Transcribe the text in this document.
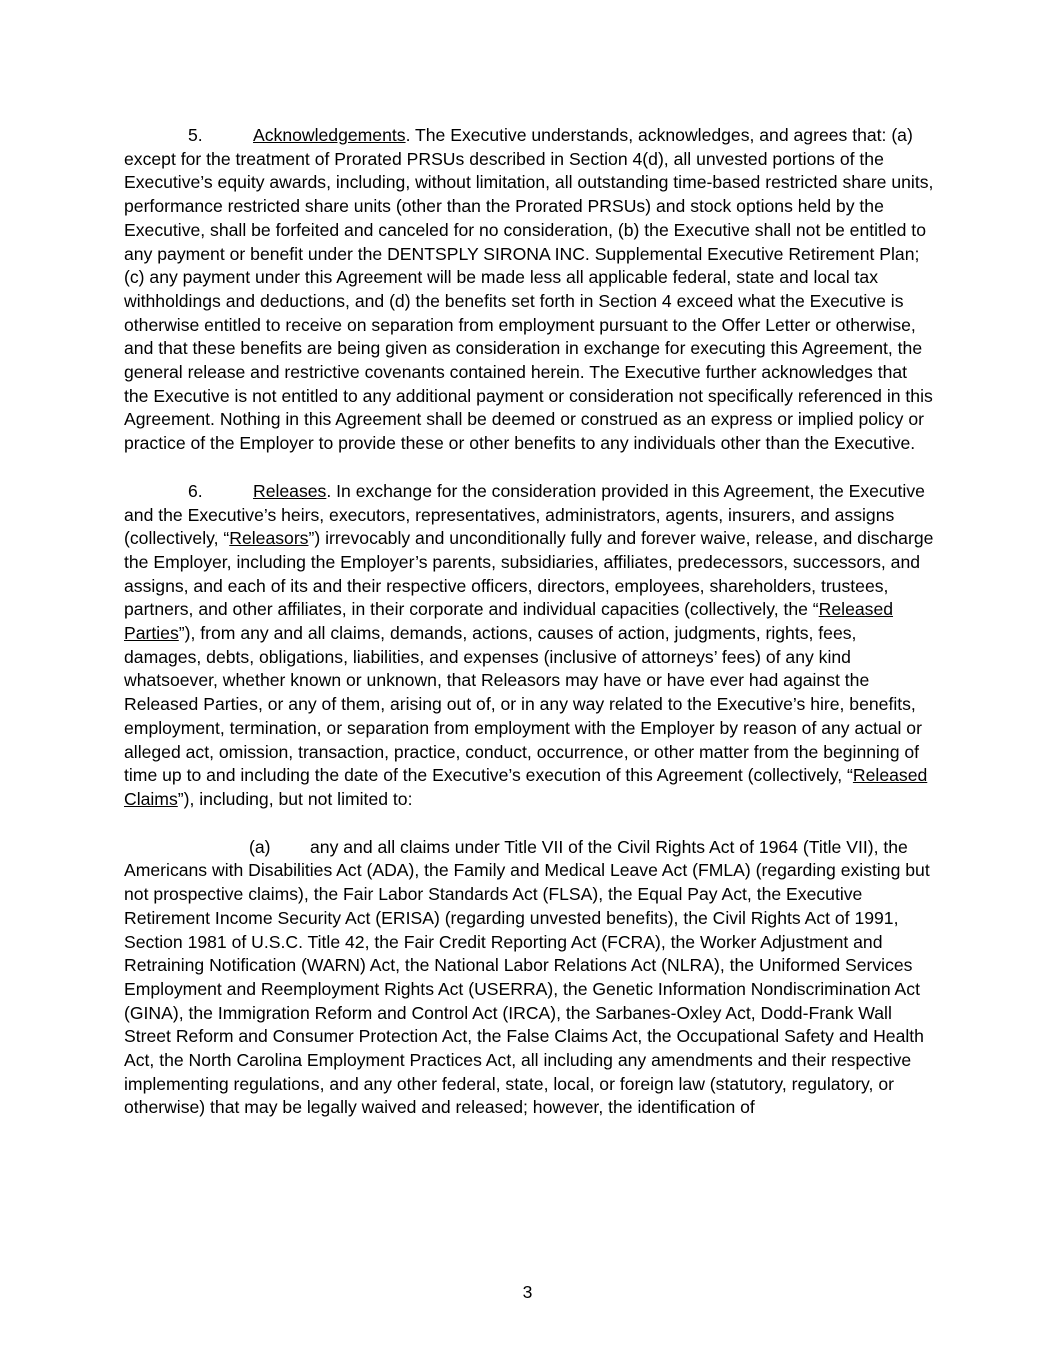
5.	Acknowledgements. The Executive understands, acknowledges, and agrees that: (a) except for the treatment of Prorated PRSUs described in Section 4(d), all unvested portions of the Executive’s equity awards, including, without limitation, all outstanding time-based restricted share units, performance restricted share units (other than the Prorated PRSUs) and stock options held by the Executive, shall be forfeited and canceled for no consideration, (b) the Executive shall not be entitled to any payment or benefit under the DENTSPLY SIRONA INC. Supplemental Executive Retirement Plan; (c) any payment under this Agreement will be made less all applicable federal, state and local tax withholdings and deductions, and (d) the benefits set forth in Section 4 exceed what the Executive is otherwise entitled to receive on separation from employment pursuant to the Offer Letter or otherwise, and that these benefits are being given as consideration in exchange for executing this Agreement, the general release and restrictive covenants contained herein. The Executive further acknowledges that the Executive is not entitled to any additional payment or consideration not specifically referenced in this Agreement. Nothing in this Agreement shall be deemed or construed as an express or implied policy or practice of the Employer to provide these or other benefits to any individuals other than the Executive.

6.	Releases. In exchange for the consideration provided in this Agreement, the Executive and the Executive’s heirs, executors, representatives, administrators, agents, insurers, and assigns (collectively, “Releasors”) irrevocably and unconditionally fully and forever waive, release, and discharge the Employer, including the Employer’s parents, subsidiaries, affiliates, predecessors, successors, and assigns, and each of its and their respective officers, directors, employees, shareholders, trustees, partners, and other affiliates, in their corporate and individual capacities (collectively, the “Released Parties”), from any and all claims, demands, actions, causes of action, judgments, rights, fees, damages, debts, obligations, liabilities, and expenses (inclusive of attorneys’ fees) of any kind whatsoever, whether known or unknown, that Releasors may have or have ever had against the Released Parties, or any of them, arising out of, or in any way related to the Executive’s hire, benefits, employment, termination, or separation from employment with the Employer by reason of any actual or alleged act, omission, transaction, practice, conduct, occurrence, or other matter from the beginning of time up to and including the date of the Executive’s execution of this Agreement (collectively, “Released Claims”), including, but not limited to:

(a) any and all claims under Title VII of the Civil Rights Act of 1964 (Title VII), the Americans with Disabilities Act (ADA), the Family and Medical Leave Act (FMLA) (regarding existing but not prospective claims), the Fair Labor Standards Act (FLSA), the Equal Pay Act, the Executive Retirement Income Security Act (ERISA) (regarding unvested benefits), the Civil Rights Act of 1991, Section 1981 of U.S.C. Title 42, the Fair Credit Reporting Act (FCRA), the Worker Adjustment and Retraining Notification (WARN) Act, the National Labor Relations Act (NLRA), the Uniformed Services Employment and Reemployment Rights Act (USERRA), the Genetic Information Nondiscrimination Act (GINA), the Immigration Reform and Control Act (IRCA), the Sarbanes-Oxley Act, Dodd-Frank Wall Street Reform and Consumer Protection Act, the False Claims Act, the Occupational Safety and Health Act, the North Carolina Employment Practices Act, all including any amendments and their respective implementing regulations, and any other federal, state, local, or foreign law (statutory, regulatory, or otherwise) that may be legally waived and released; however, the identification of

3
